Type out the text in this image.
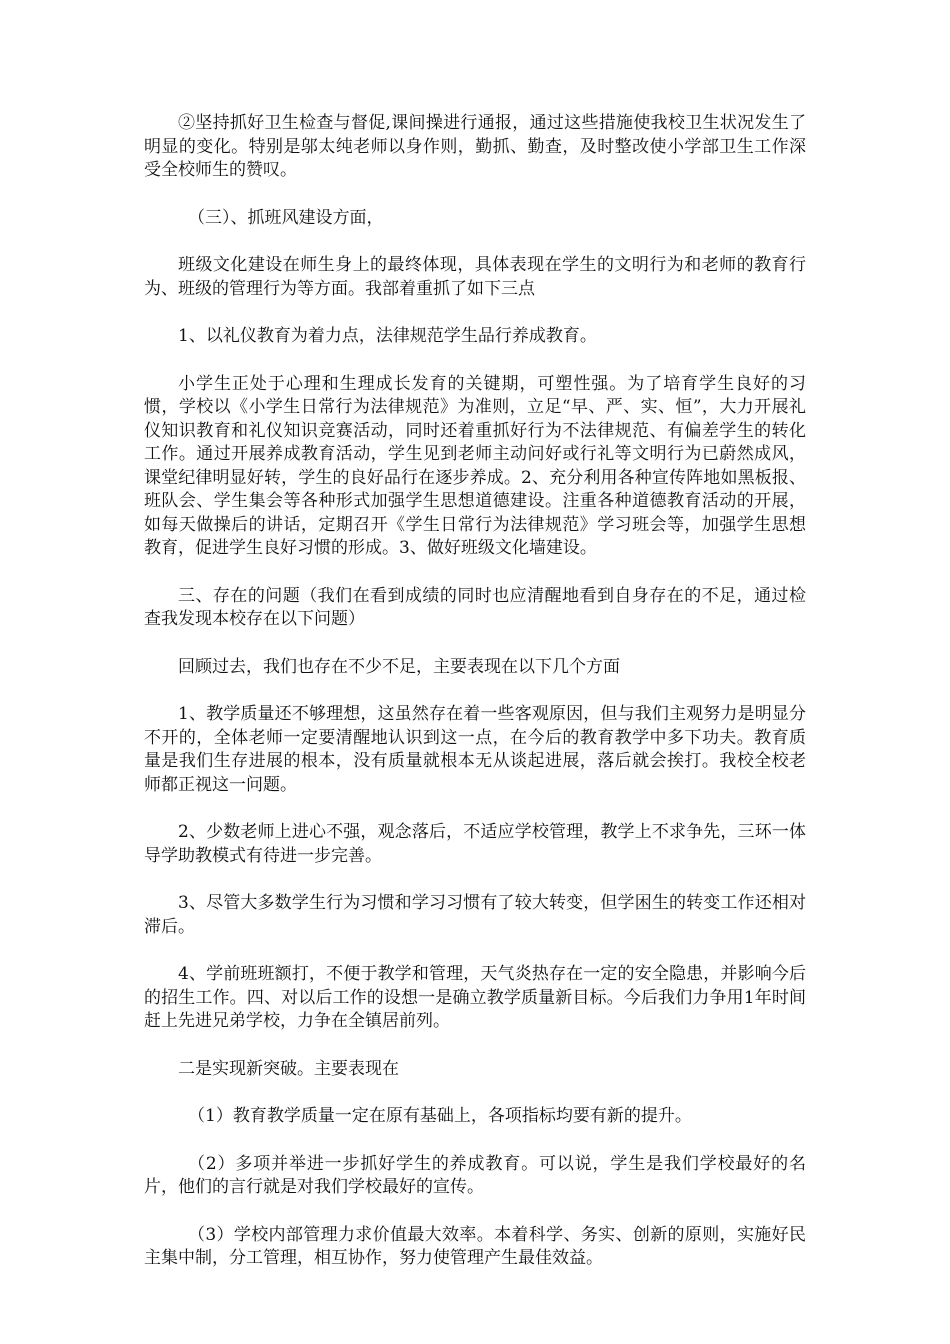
②坚持抓好卫生检查与督促,课间操进行通报，通过这些措施使我校卫生状况发生了明显的变化。特别是邬太纯老师以身作则，勤抓、勤查，及时整改使小学部卫生工作深受全校师生的赞叹。

（三）、抓班风建设方面，

班级文化建设在师生身上的最终体现，具体表现在学生的文明行为和老师的教育行为、班级的管理行为等方面。我部着重抓了如下三点

1、以礼仪教育为着力点，法律规范学生品行养成教育。

小学生正处于心理和生理成长发育的关键期，可塑性强。为了培育学生良好的习惯，学校以《小学生日常行为法律规范》为准则，立足“早、严、实、恒”，大力开展礼仪知识教育和礼仪知识竞赛活动，同时还着重抓好行为不法律规范、有偏差学生的转化工作。通过开展养成教育活动，学生见到老师主动问好或行礼等文明行为已蔚然成风，课堂纪律明显好转，学生的良好品行在逐步养成。2、充分利用各种宣传阵地如黑板报、班队会、学生集会等各种形式加强学生思想道德建设。注重各种道德教育活动的开展，如每天做操后的讲话，定期召开《学生日常行为法律规范》学习班会等，加强学生思想教育，促进学生良好习惯的形成。3、做好班级文化墙建设。

三、存在的问题（我们在看到成绩的同时也应清醒地看到自身存在的不足，通过检查我发现本校存在以下问题）

回顾过去，我们也存在不少不足，主要表现在以下几个方面

1、教学质量还不够理想，这虽然存在着一些客观原因，但与我们主观努力是明显分不开的，全体老师一定要清醒地认识到这一点，在今后的教育教学中多下功夫。教育质量是我们生存进展的根本，没有质量就根本无从谈起进展，落后就会挨打。我校全校老师都正视这一问题。

2、少数老师上进心不强，观念落后，不适应学校管理，教学上不求争先，三环一体导学助教模式有待进一步完善。

3、尽管大多数学生行为习惯和学习习惯有了较大转变，但学困生的转变工作还相对滞后。

4、学前班班额打，不便于教学和管理，天气炎热存在一定的安全隐患，并影响今后的招生工作。四、对以后工作的设想一是确立教学质量新目标。今后我们力争用1年时间赶上先进兄弟学校，力争在全镇居前列。

二是实现新突破。主要表现在

（1）教育教学质量一定在原有基础上，各项指标均要有新的提升。

（2）多项并举进一步抓好学生的养成教育。可以说，学生是我们学校最好的名片，他们的言行就是对我们学校最好的宣传。

（3）学校内部管理力求价值最大效率。本着科学、务实、创新的原则，实施好民主集中制，分工管理，相互协作，努力使管理产生最佳效益。
